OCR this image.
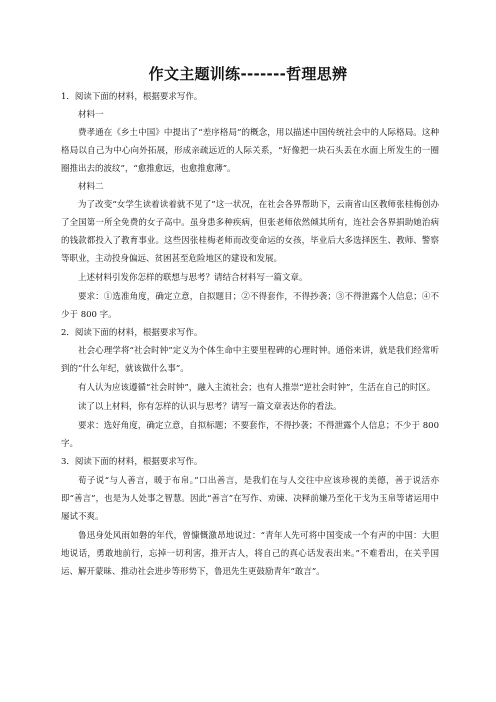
作文主题训练-------哲理思辨

1．阅读下面的材料，根据要求写作。

材料一

费孝通在《乡土中国》中提出了“差序格局”的概念，用以描述中国传统社会中的人际格局。这种格局以自己为中心向外拓展，形成亲疏远近的人际关系，“好像把一块石头丢在水面上所发生的一圈圈推出去的波纹”，“愈推愈远，也愈推愈薄”。

材料二

为了改变“女学生读着读着就不见了”这一状况，在社会各界帮助下，云南省山区教师张桂梅创办了全国第一所全免费的女子高中。虽身患多种疾病，但张老师依然倾其所有，连社会各界捐助她治病的钱款都投入了教育事业。这些因张桂梅老师而改变命运的女孩，毕业后大多选择医生、教师、警察等职业，主动投身偏远、贫困甚至危险地区的建设和发展。

上述材料引发你怎样的联想与思考？请结合材料写一篇文章。

要求：①选准角度，确定立意，自拟题目；②不得套作，不得抄袭；③不得泄露个人信息；④不少于 800 字。

2．阅读下面的材料，根据要求写作。

社会心理学将“社会时钟”定义为个体生命中主要里程碑的心理时钟。通俗来讲，就是我们经常听到的“什么年纪，就该做什么事”。

有人认为应该遵循“社会时钟”，融入主流社会；也有人推崇“逆社会时钟”，生活在自己的时区。

读了以上材料，你有怎样的认识与思考？请写一篇文章表达你的看法。

要求：选好角度，确定立意，自拟标题；不要套作，不得抄袭；不得泄露个人信息；不少于 800 字。

3．阅读下面的材料，根据要求写作。

荀子说“与人善言，暖于布帛。”口出善言，是我们在与人交往中应该珍视的美德，善于说活亦即“善言”，也是为人处事之智慧。因此“善言”在写作、劝谏、决释前嫌乃至化干戈为玉帛等诸运用中屡试不爽。

鲁迅身处风雨如磐的年代，曾慷慨激昂地说过：“青年人先可将中国变成一个有声的中国：大胆地说话，勇敢地前行，忘掉一切利害，推开古人，将自己的真心话发表出来。”不难看出，在关乎国运、解开蒙昧、推动社会进步等形势下，鲁迅先生更鼓励青年“敢言”。
